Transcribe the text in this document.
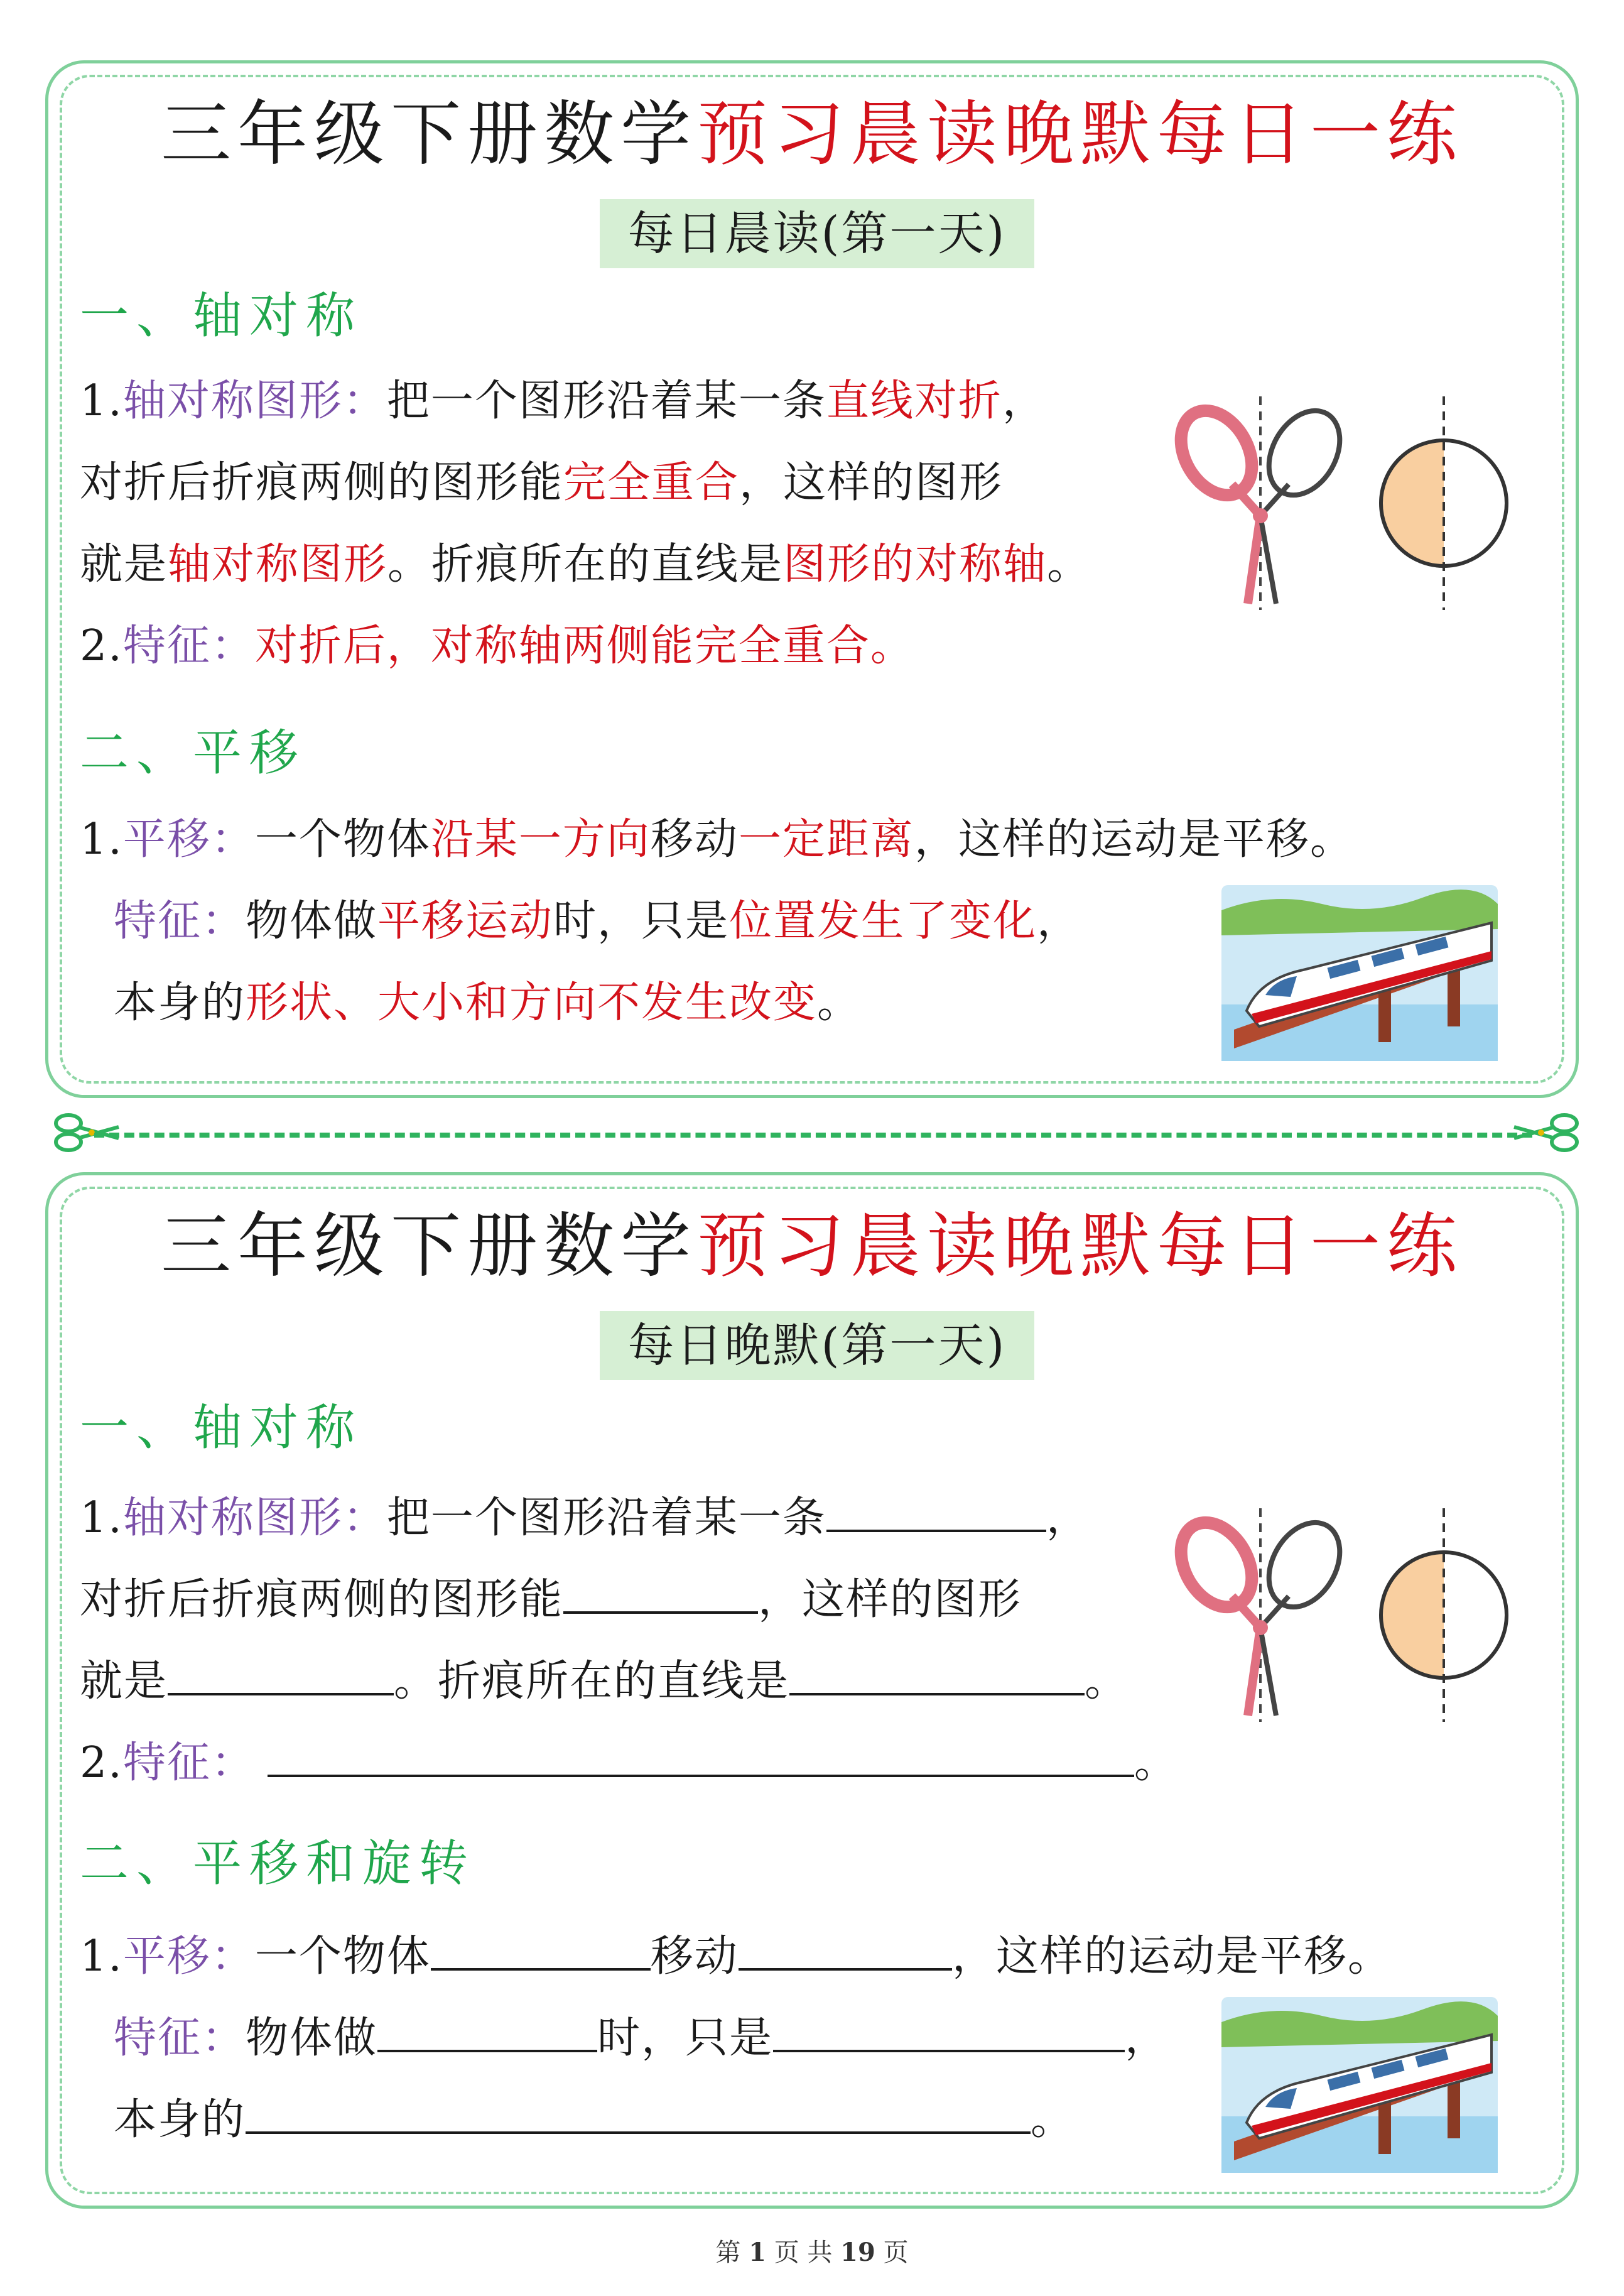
三年级下册数学预习晨读晚默每日一练
每日晨读(第一天)
一、轴对称
1.轴对称图形：把一个图形沿着某一条直线对折，
对折后折痕两侧的图形能完全重合，这样的图形
就是轴对称图形。折痕所在的直线是图形的对称轴。
2.特征：对折后，对称轴两侧能完全重合。
二、平移
1.平移：一个物体沿某一方向移动一定距离，这样的运动是平移。
特征：物体做平移运动时，只是位置发生了变化，
本身的形状、大小和方向不发生改变。
三年级下册数学预习晨读晚默每日一练
每日晚默(第一天)
一、轴对称
1.轴对称图形：把一个图形沿着某一条	，
对折后折痕两侧的图形能	，这样的图形
就是	。折痕所在的直线是	。
2.特征：	。
二、平移和旋转
1.平移：一个物体	移动	，这样的运动是平移。
特征：物体做	时，只是	，
本身的	。
第 1 页 共 19 页
